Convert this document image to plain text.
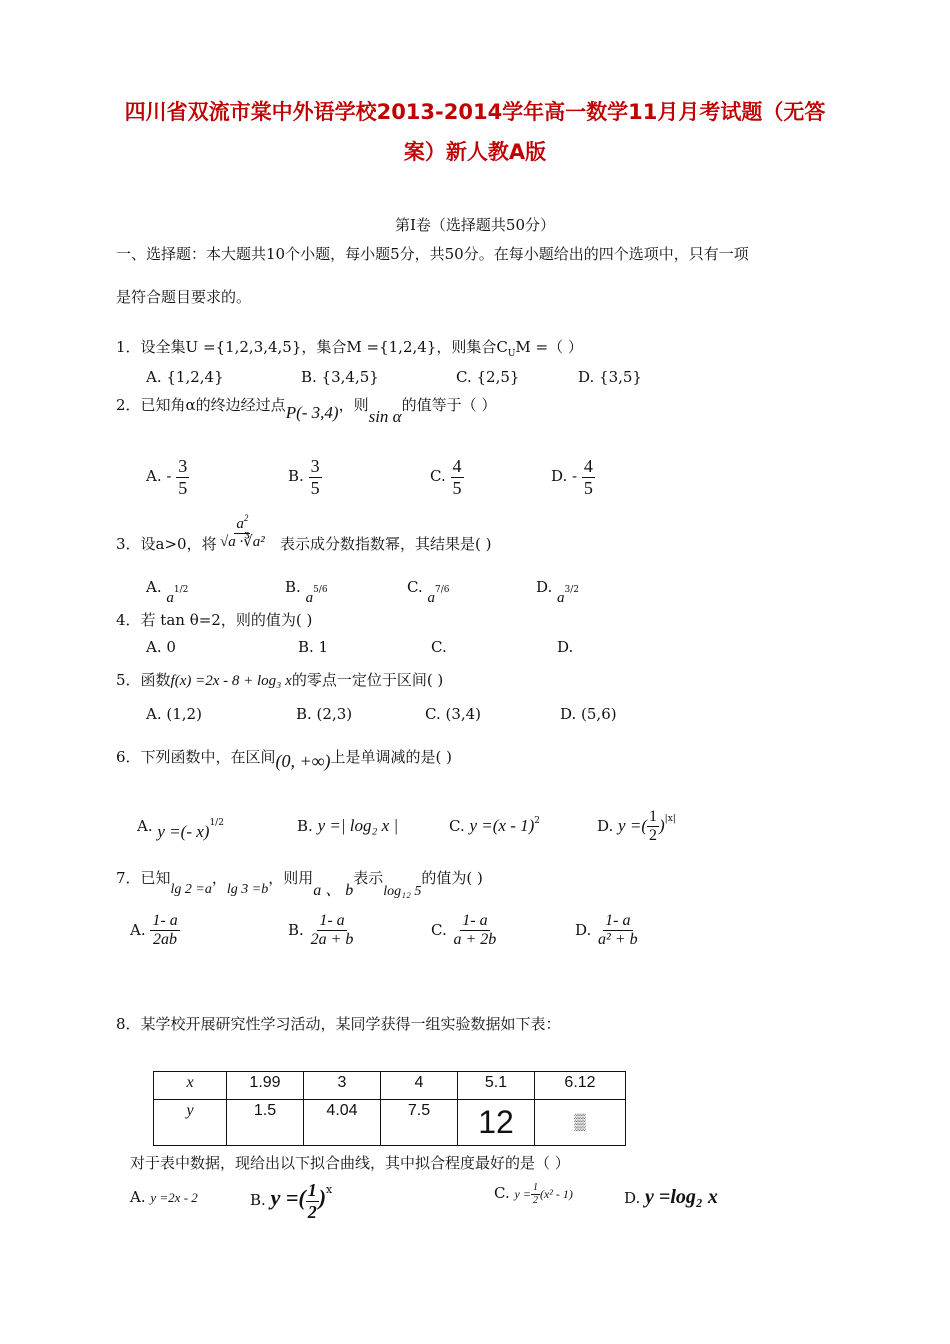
四川省双流市棠中外语学校2013-2014学年高一数学11月月考试题（无答
案）新人教A版
第Ⅰ卷（选择题共50分）
一、选择题：本大题共10个小题，每小题5分，共50分。在每小题给出的四个选项中，只有一项
是符合题目要求的。
1．设全集U ={1,2,3,4,5}，集合M ={1,2,4}，则集合$C_UM$ =（ ）
A. {1,2,4}	B. {3,4,5}	C. {2,5}	D. {3,5}
2．已知角α的终边经过点P(- 3,4)，则sin α的值等于（ ）
A. - $\frac{3}{5}$	B. $\frac{3}{5}$	C. $\frac{4}{5}$	D. - $\frac{4}{5}$
3．设a>0，将 $\frac{a^2}{\text{√a ·∛a²}}$ 表示成分数指数幂，其结果是( )
A. a1/2	B. a5/6	C. a7/6	D. a3/2
4．若 tan θ=2，则的值为( )
A. 0	B. 1	C.	D.
5．函数f(x) =2x - 8 + log₃ x的零点一定位于区间( )
A. (1,2)	B. (2,3)	C. (3,4)	D. (5,6)
6．下列函数中，在区间(0, +∞)上是单调减的是( )
A. y =(- x)$^{1/2}$	B. y =| log₂ x |	C. y =(x - 1)$^2$	D. y =( $\frac{1}{2} )^{|x|}$
7．已知lg 2 =a，lg 3 =b，则用a 、 b表示log₁₂ 5的值为( )
A. $\frac{1- a}{2ab}$	B. $\frac{1- a}{2a + b}$	C. $\frac{1- a}{a + 2b}$	D. $\frac{1- a}{\text{a² + b}}$
8．某学校开展研究性学习活动，某同学获得一组实验数据如下表：
x	1.99	3	4	5.1	6.12
y	1.5	4.04	7.5	12	▒
对于表中数据，现给出以下拟合曲线，其中拟合程度最好的是（ ）
A. y =2x - 2	B. y =( $\frac{1}{2} )^x$	C. $y = \frac{1}{2} (x^2 - 1)$	D. y =log₂ x
